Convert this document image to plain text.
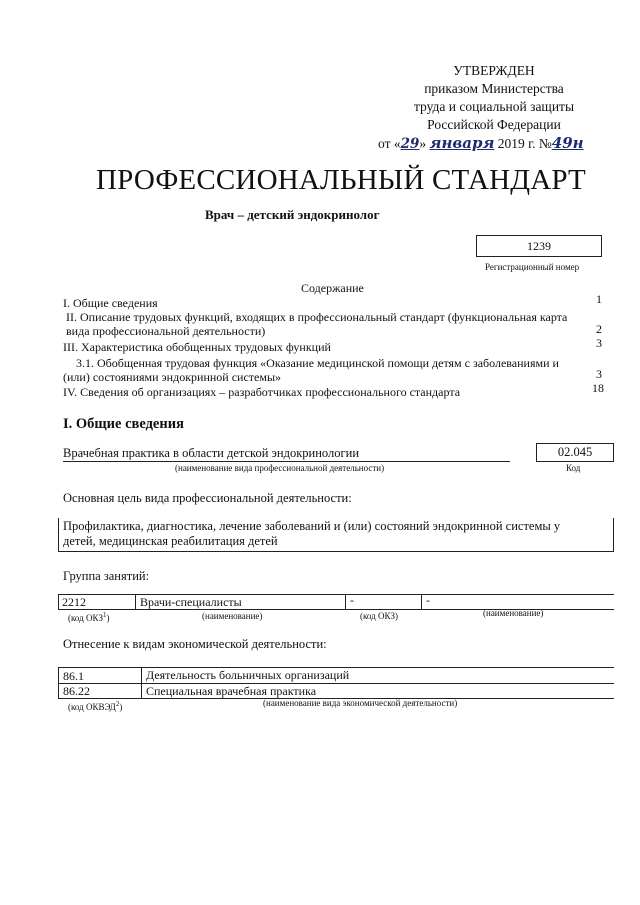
УТВЕРЖДЕН
приказом Министерства
труда и социальной защиты
Российской Федерации
от «29» января 2019 г. №49н
ПРОФЕССИОНАЛЬНЫЙ СТАНДАРТ
Врач – детский эндокринолог
1239
Регистрационный номер
Содержание
I. Общие сведения	1
II. Описание трудовых функций, входящих в профессиональный стандарт (функциональная карта
вида профессиональной деятельности)	2
III. Характеристика обобщенных трудовых функций	3
3.1. Обобщенная трудовая функция «Оказание медицинской помощи детям с заболеваниями и
(или) состояниями эндокринной системы»	3
IV. Сведения об организациях – разработчиках профессионального стандарта	18
I. Общие сведения
Врачебная практика в области детской эндокринологии
(наименование вида профессиональной деятельности)
02.045
Код
Основная цель вида профессиональной деятельности:
Профилактика, диагностика, лечение заболеваний и (или) состояний эндокринной системы у
детей, медицинская реабилитация детей
Группа занятий:
2212	Врачи-специалисты	-	-
(код ОКЗ$^1$)	(наименование)	(код ОКЗ)	(наименование)
Отнесение к видам экономической деятельности:
86.1	Деятельность больничных организаций
86.22	Специальная врачебная практика
(код ОКВЭД$^2$)	(наименование вида экономической деятельности)
